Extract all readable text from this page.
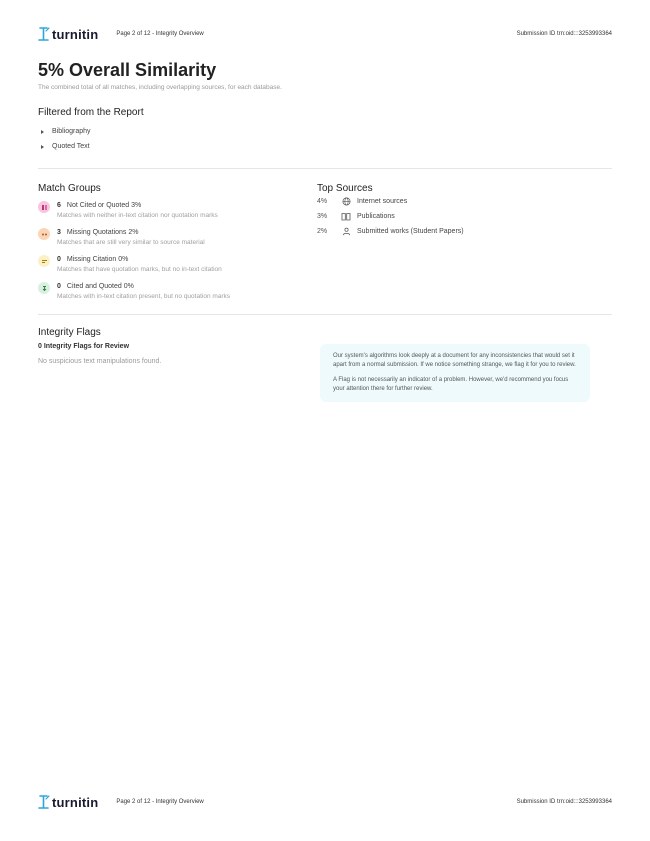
turnitin	Page 2 of 12 - Integrity Overview	Submission ID trn:oid:::3253993364
5% Overall Similarity
The combined total of all matches, including overlapping sources, for each database.
Filtered from the Report
Bibliography
Quoted Text
Match Groups
6 Not Cited or Quoted 3%
Matches with neither in-text citation nor quotation marks
3 Missing Quotations 2%
Matches that are still very similar to source material
0 Missing Citation 0%
Matches that have quotation marks, but no in-text citation
0 Cited and Quoted 0%
Matches with in-text citation present, but no quotation marks
Top Sources
4%	Internet sources
3%	Publications
2%	Submitted works (Student Papers)
Integrity Flags
0 Integrity Flags for Review
No suspicious text manipulations found.

Our system's algorithms look deeply at a document for any inconsistencies that would set it apart from a normal submission. If we notice something strange, we flag it for you to review.

A Flag is not necessarily an indicator of a problem. However, we'd recommend you focus your attention there for further review.

turnitin	Page 2 of 12 - Integrity Overview	Submission ID trn:oid:::3253993364
